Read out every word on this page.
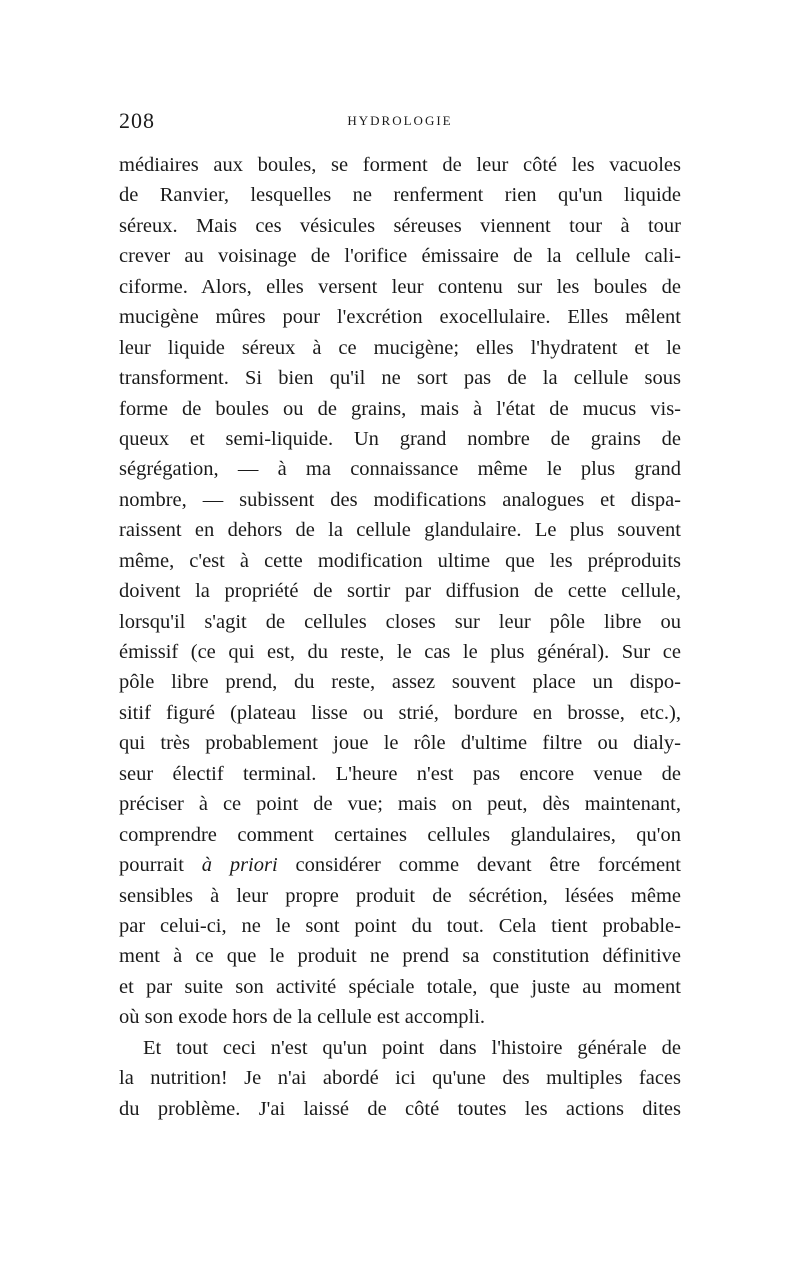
208	HYDROLOGIE
médiaires aux boules, se forment de leur côté les vacuoles
de Ranvier, lesquelles ne renferment rien qu'un liquide
séreux. Mais ces vésicules séreuses viennent tour à tour
crever au voisinage de l'orifice émissaire de la cellule cali-
ciforme. Alors, elles versent leur contenu sur les boules de
mucigène mûres pour l'excrétion exocellulaire. Elles mêlent
leur liquide séreux à ce mucigène; elles l'hydratent et le
transforment. Si bien qu'il ne sort pas de la cellule sous
forme de boules ou de grains, mais à l'état de mucus vis-
queux et semi-liquide. Un grand nombre de grains de
ségrégation, — à ma connaissance même le plus grand
nombre, — subissent des modifications analogues et dispa-
raissent en dehors de la cellule glandulaire. Le plus souvent
même, c'est à cette modification ultime que les préproduits
doivent la propriété de sortir par diffusion de cette cellule,
lorsqu'il s'agit de cellules closes sur leur pôle libre ou
émissif (ce qui est, du reste, le cas le plus général). Sur ce
pôle libre prend, du reste, assez souvent place un dispo-
sitif figuré (plateau lisse ou strié, bordure en brosse, etc.),
qui très probablement joue le rôle d'ultime filtre ou dialy-
seur électif terminal. L'heure n'est pas encore venue de
préciser à ce point de vue; mais on peut, dès maintenant,
comprendre comment certaines cellules glandulaires, qu'on
pourrait à priori considérer comme devant être forcément
sensibles à leur propre produit de sécrétion, lésées même
par celui-ci, ne le sont point du tout. Cela tient probable-
ment à ce que le produit ne prend sa constitution définitive
et par suite son activité spéciale totale, que juste au moment
où son exode hors de la cellule est accompli.
Et tout ceci n'est qu'un point dans l'histoire générale de
la nutrition! Je n'ai abordé ici qu'une des multiples faces
du problème. J'ai laissé de côté toutes les actions dites
